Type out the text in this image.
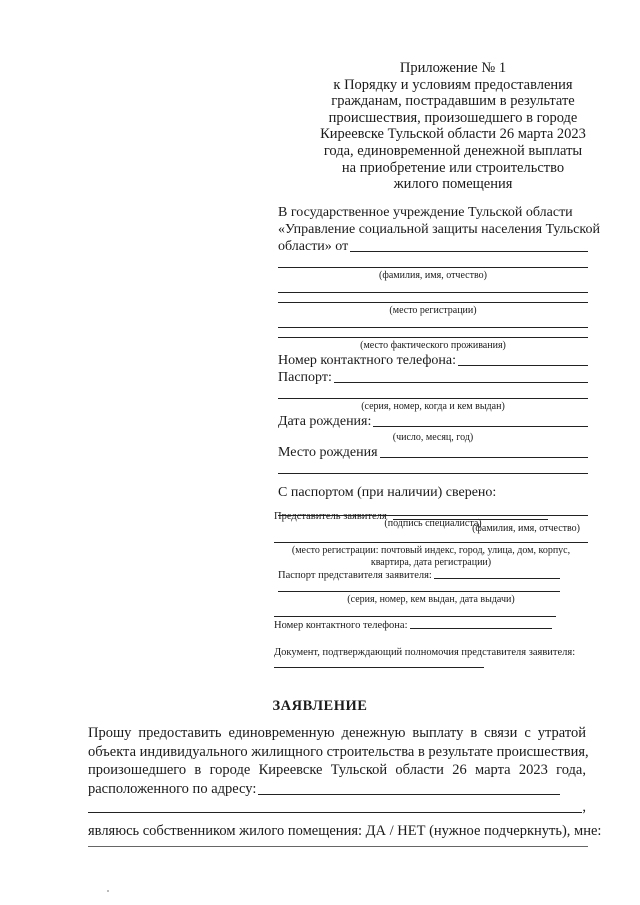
Приложение № 1
к Порядку и условиям предоставления
гражданам, пострадавшим в результате
происшествия, произошедшего в городе
Киреевске Тульской области 26 марта 2023
года, единовременной денежной выплаты
на приобретение или строительство
жилого помещения
В государственное учреждение Тульской области
«Управление социальной защиты населения Тульской
области» от
(фамилия, имя, отчество)
(место регистрации)
(место фактического проживания)
Номер контактного телефона:
Паспорт:
(серия, номер, когда и кем выдан)
Дата рождения:
(число, месяц, год)
Место рождения
С паспортом (при наличии) сверено:
(подпись специалиста)
Представитель заявителя
(фамилия, имя, отчество)
(место регистрации: почтовый индекс, город, улица, дом, корпус,
квартира, дата регистрации)
Паспорт представителя заявителя:
(серия, номер, кем выдан, дата выдачи)
Номер контактного телефона:
Документ, подтверждающий полномочия представителя заявителя:
ЗАЯВЛЕНИЕ
Прошу предоставить единовременную денежную выплату в связи с утратой
объекта индивидуального жилищного строительства в результате происшествия,
произошедшего в городе Киреевске Тульской области 26 марта 2023 года,
расположенного по адресу:
,
являюсь собственником жилого помещения: ДА / НЕТ (нужное подчеркнуть), мне:
